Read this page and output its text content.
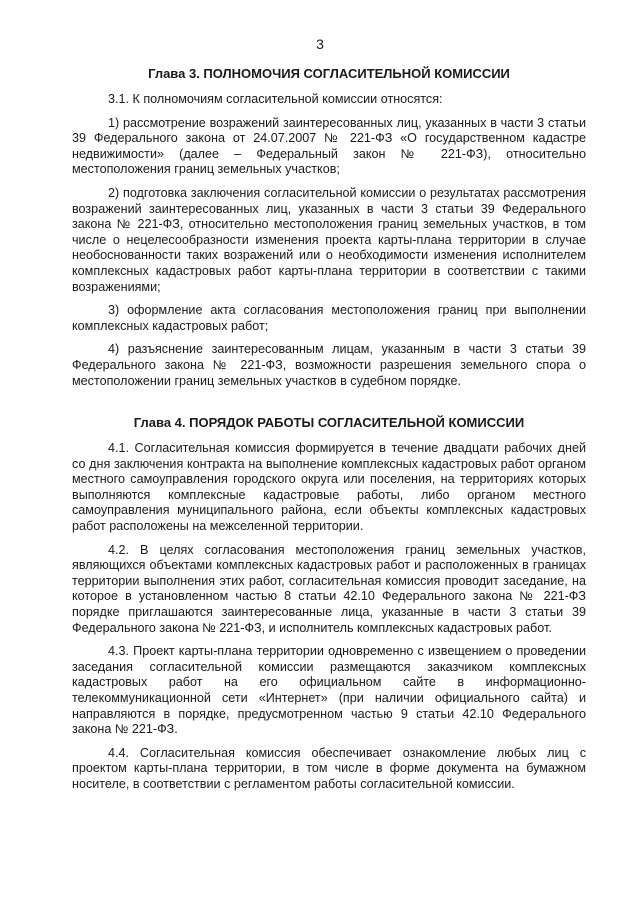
3
Глава 3. ПОЛНОМОЧИЯ СОГЛАСИТЕЛЬНОЙ КОМИССИИ

3.1. К полномочиям согласительной комиссии относятся:

1) рассмотрение возражений заинтересованных лиц, указанных в части 3 статьи 39 Федерального закона от 24.07.2007 № 221-ФЗ «О государственном кадастре недвижимости» (далее – Федеральный закон № 221-ФЗ), относительно местоположения границ земельных участков;

2) подготовка заключения согласительной комиссии о результатах рассмотрения возражений заинтересованных лиц, указанных в части 3 статьи 39 Федерального закона № 221-ФЗ, относительно местоположения границ земельных участков, в том числе о нецелесообразности изменения проекта карты-плана территории в случае необоснованности таких возражений или о необходимости изменения исполнителем комплексных кадастровых работ карты-плана территории в соответствии с такими возражениями;

3) оформление акта согласования местоположения границ при выполнении комплексных кадастровых работ;

4) разъяснение заинтересованным лицам, указанным в части 3 статьи 39 Федерального закона № 221-ФЗ, возможности разрешения земельного спора о местоположении границ земельных участков в судебном порядке.

Глава 4. ПОРЯДОК РАБОТЫ СОГЛАСИТЕЛЬНОЙ КОМИССИИ

4.1. Согласительная комиссия формируется в течение двадцати рабочих дней со дня заключения контракта на выполнение комплексных кадастровых работ органом местного самоуправления городского округа или поселения, на территориях которых выполняются комплексные кадастровые работы, либо органом местного самоуправления муниципального района, если объекты комплексных кадастровых работ расположены на межселенной территории.

4.2. В целях согласования местоположения границ земельных участков, являющихся объектами комплексных кадастровых работ и расположенных в границах территории выполнения этих работ, согласительная комиссия проводит заседание, на которое в установленном частью 8 статьи 42.10 Федерального закона № 221-ФЗ порядке приглашаются заинтересованные лица, указанные в части 3 статьи 39 Федерального закона № 221-ФЗ, и исполнитель комплексных кадастровых работ.

4.3. Проект карты-плана территории одновременно с извещением о проведении заседания согласительной комиссии размещаются заказчиком комплексных кадастровых работ на его официальном сайте в информационно-телекоммуникационной сети «Интернет» (при наличии официального сайта) и направляются в порядке, предусмотренном частью 9 статьи 42.10 Федерального закона № 221-ФЗ.

4.4. Согласительная комиссия обеспечивает ознакомление любых лиц с проектом карты-плана территории, в том числе в форме документа на бумажном носителе, в соответствии с регламентом работы согласительной комиссии.
